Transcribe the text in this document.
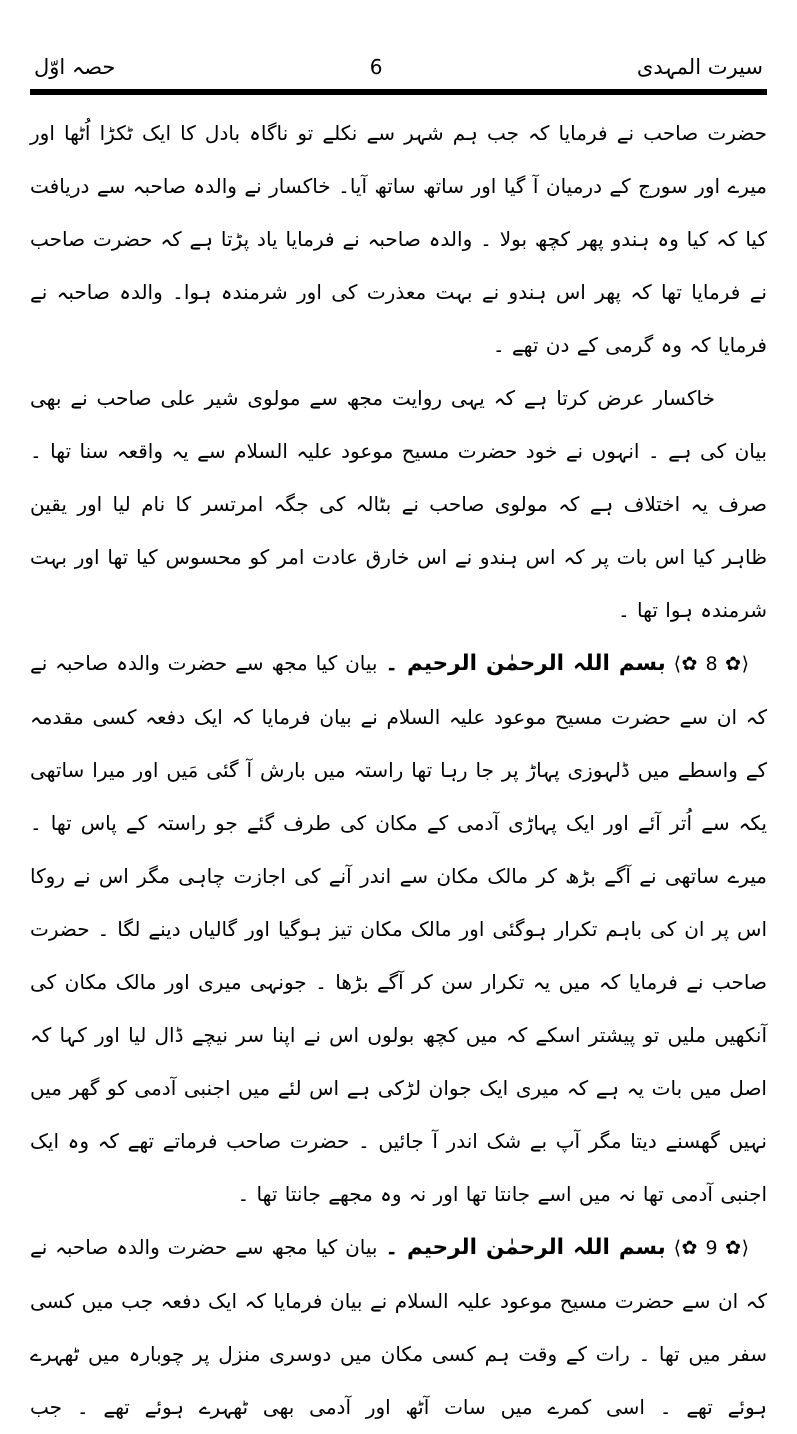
سیرت المہدی
6
حصہ اوّل

حضرت صاحب نے فرمایا کہ جب ہم شہر سے نکلے تو ناگاہ بادل کا ایک ٹکڑا اُٹھا اور میرے اور سورج کے درمیان آ گیا اور ساتھ ساتھ آیا۔ خاکسار نے والدہ صاحبہ سے دریافت کیا کہ کیا وہ ہندو پھر کچھ بولا ۔ والدہ صاحبہ نے فرمایا یاد پڑتا ہے کہ حضرت صاحب نے فرمایا تھا کہ پھر اس ہندو نے بہت معذرت کی اور شرمندہ ہوا۔ والدہ صاحبہ نے فرمایا کہ وہ گرمی کے دن تھے ۔

خاکسار عرض کرتا ہے کہ یہی روایت مجھ سے مولوی شیر علی صاحب نے بھی بیان کی ہے ۔ انہوں نے خود حضرت مسیح موعود علیہ السلام سے یہ واقعہ سنا تھا ۔ صرف یہ اختلاف ہے کہ مولوی صاحب نے بٹالہ کی جگہ امرتسر کا نام لیا اور یقین ظاہر کیا اس بات پر کہ اس ہندو نے اس خارق عادت امر کو محسوس کیا تھا اور بہت شرمندہ ہوا تھا ۔

⟨✿ 8 ✿⟩ بسم اللہ الرحمٰن الرحیم ۔ بیان کیا مجھ سے حضرت والدہ صاحبہ نے کہ ان سے حضرت مسیح موعود علیہ السلام نے بیان فرمایا کہ ایک دفعہ کسی مقدمہ کے واسطے میں ڈلہوزی پہاڑ پر جا رہا تھا راستہ میں بارش آ گئی مَیں اور میرا ساتھی یکہ سے اُتر آئے اور ایک پہاڑی آدمی کے مکان کی طرف گئے جو راستہ کے پاس تھا ۔ میرے ساتھی نے آگے بڑھ کر مالک مکان سے اندر آنے کی اجازت چاہی مگر اس نے روکا اس پر ان کی باہم تکرار ہوگئی اور مالک مکان تیز ہوگیا اور گالیاں دینے لگا ۔ حضرت صاحب نے فرمایا کہ میں یہ تکرار سن کر آگے بڑھا ۔ جونہی میری اور مالک مکان کی آنکھیں ملیں تو پیشتر اسکے کہ میں کچھ بولوں اس نے اپنا سر نیچے ڈال لیا اور کہا کہ اصل میں بات یہ ہے کہ میری ایک جوان لڑکی ہے اس لئے میں اجنبی آدمی کو گھر میں نہیں گھسنے دیتا مگر آپ بے شک اندر آ جائیں ۔ حضرت صاحب فرماتے تھے کہ وہ ایک اجنبی آدمی تھا نہ میں اسے جانتا تھا اور نہ وہ مجھے جانتا تھا ۔

⟨✿ 9 ✿⟩ بسم اللہ الرحمٰن الرحیم ۔ بیان کیا مجھ سے حضرت والدہ صاحبہ نے کہ ان سے حضرت مسیح موعود علیہ السلام نے بیان فرمایا کہ ایک دفعہ جب میں کسی سفر میں تھا ۔ رات کے وقت ہم کسی مکان میں دوسری منزل پر چوبارہ میں ٹھہرے ہوئے تھے ۔ اسی کمرے میں سات آٹھ اور آدمی بھی ٹھہرے ہوئے تھے ۔ جب
